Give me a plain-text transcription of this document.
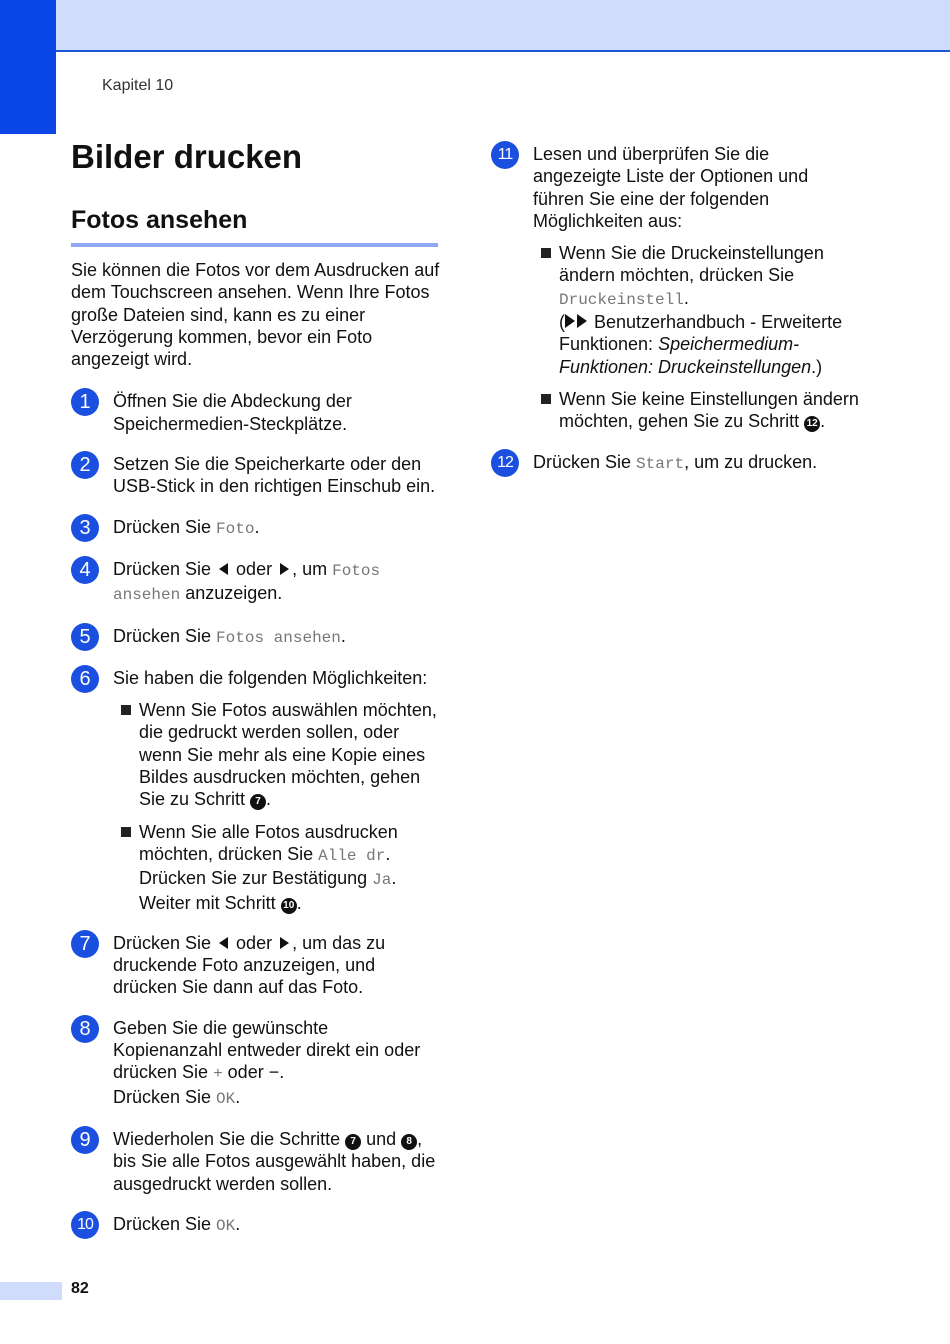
Kapitel 10
Bilder drucken
Fotos ansehen

Sie können die Fotos vor dem Ausdrucken auf dem Touchscreen ansehen. Wenn Ihre Fotos große Dateien sind, kann es zu einer Verzögerung kommen, bevor ein Foto angezeigt wird.

1	Öffnen Sie die Abdeckung der Speichermedien-Steckplätze.
2	Setzen Sie die Speicherkarte oder den USB-Stick in den richtigen Einschub ein.
3	Drücken Sie Foto.
4	Drücken Sie  oder , um Fotos ansehen anzuzeigen.
5	Drücken Sie Fotos ansehen.
6	Sie haben die folgenden Möglichkeiten:
Wenn Sie Fotos auswählen möchten, die gedruckt werden sollen, oder wenn Sie mehr als eine Kopie eines Bildes ausdrucken möchten, gehen Sie zu Schritt 7 .
Wenn Sie alle Fotos ausdrucken möchten, drücken Sie Alle dr. Drücken Sie zur Bestätigung Ja. Weiter mit Schritt 10 .
7	Drücken Sie  oder , um das zu druckende Foto anzuzeigen, und drücken Sie dann auf das Foto.
8	Geben Sie die gewünschte Kopienanzahl entweder direkt ein oder drücken Sie + oder −.
Drücken Sie OK.
9	Wiederholen Sie die Schritte 7 und 8 , bis Sie alle Fotos ausgewählt haben, die ausgedruckt werden sollen.
10	Drücken Sie OK.
11	Lesen und überprüfen Sie die angezeigte Liste der Optionen und führen Sie eine der folgenden Möglichkeiten aus:
Wenn Sie die Druckeinstellungen ändern möchten, drücken Sie Druckeinstell.
( Benutzerhandbuch - Erweiterte Funktionen: Speichermedium-Funktionen: Druckeinstellungen.)
Wenn Sie keine Einstellungen ändern möchten, gehen Sie zu Schritt 12 .
12	Drücken Sie Start, um zu drucken.
82
